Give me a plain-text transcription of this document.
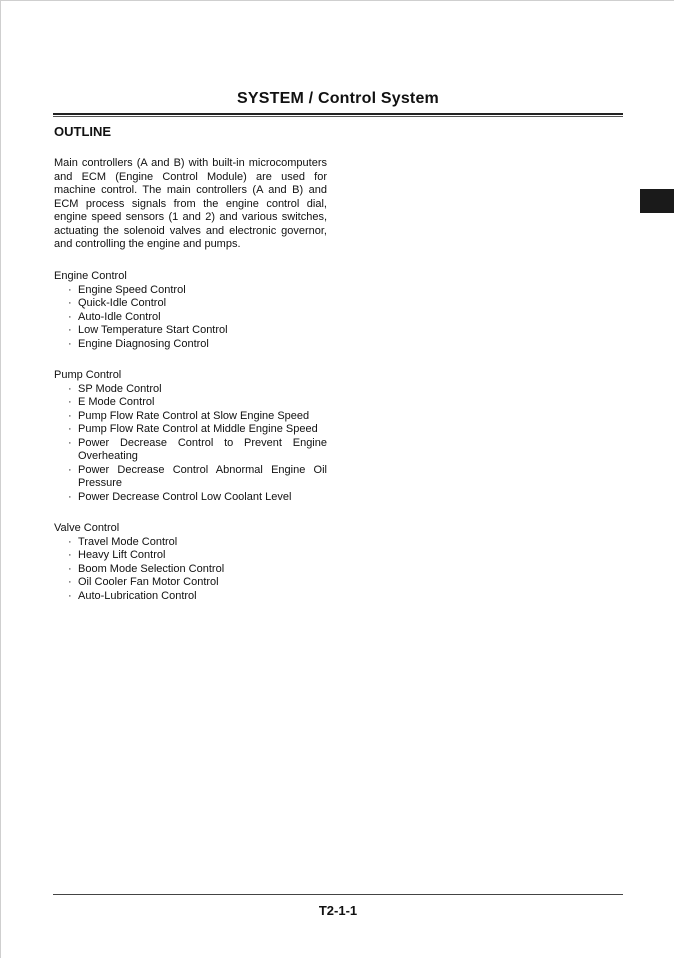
SYSTEM / Control System
OUTLINE

Main controllers (A and B) with built-in microcomputers and ECM (Engine Control Module) are used for machine control. The main controllers (A and B) and ECM process signals from the engine control dial, engine speed sensors (1 and 2) and various switches, actuating the solenoid valves and electronic governor, and controlling the engine and pumps.

Engine Control
· Engine Speed Control
· Quick-Idle Control
· Auto-Idle Control
· Low Temperature Start Control
· Engine Diagnosing Control
Pump Control
· SP Mode Control
· E Mode Control
· Pump Flow Rate Control at Slow Engine Speed
· Pump Flow Rate Control at Middle Engine Speed
· Power Decrease Control to Prevent Engine Overheating
· Power Decrease Control Abnormal Engine Oil Pressure
· Power Decrease Control Low Coolant Level
Valve Control
· Travel Mode Control
· Heavy Lift Control
· Boom Mode Selection Control
· Oil Cooler Fan Motor Control
· Auto-Lubrication Control
T2-1-1
